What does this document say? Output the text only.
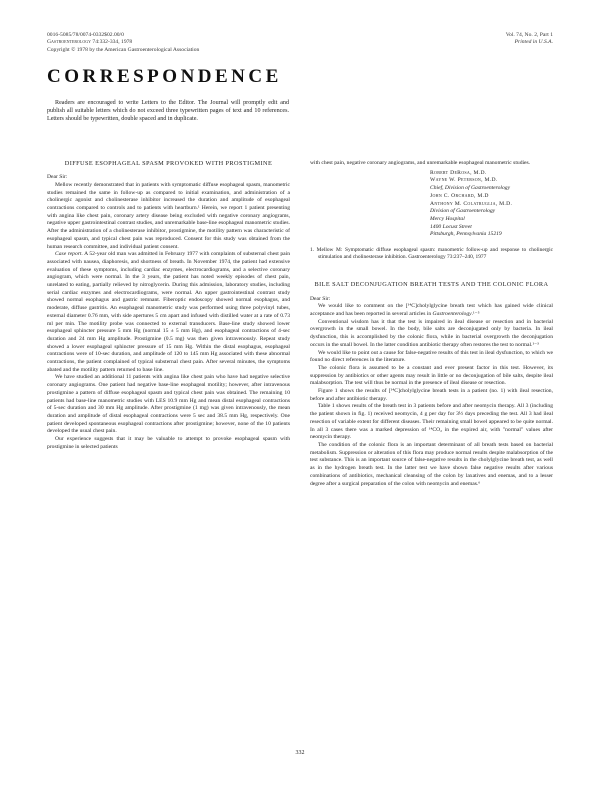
0016-5085/78/0074-0332$02.00/0
Gastroenterology 74:332-334, 1978
Copyright © 1978 by the American Gastroenterological Association
Vol. 74, No. 2, Part 1
Printed in U.S.A.
CORRESPONDENCE

Readers are encouraged to write Letters to the Editor. The Journal will promptly edit and publish all suitable letters which do not exceed three typewritten pages of text and 10 references. Letters should be typewritten, double spaced and in duplicate.

DIFFUSE ESOPHAGEAL SPASM PROVOKED WITH PROSTIGMINE

Dear Sir:

Mellow recently demonstrated that in patients with symptomatic diffuse esophageal spasm, manometric studies remained the same in follow-up as compared to initial examination, and administration of a cholinergic agonist and cholinesterase inhibitor increased the duration and amplitude of esophageal contractions compared to controls and to patients with heartburn.¹ Herein, we report 1 patient presenting with angina like chest pain, coronary artery disease being excluded with negative coronary angiograms, negative upper gastrointestinal contrast studies, and unremarkable base-line esophageal manometric studies. After the administration of a cholinesterase inhibitor, prostigmine, the motility pattern was characteristic of esophageal spasm, and typical chest pain was reproduced. Consent for this study was obtained from the human research committee, and individual patient consent.

Case report. A 52-year old man was admitted in February 1977 with complaints of substernal chest pain associated with nausea, diaphoresis, and shortness of breath. In November 1974, the patient had extensive evaluation of these symptoms, including cardiac enzymes, electrocardiograms, and a selective coronary angiogram, which were normal. In the 3 years, the patient has noted weekly episodes of chest pain, unrelated to eating, partially relieved by nitroglycerin. During this admission, laboratory studies, including serial cardiac enzymes and electrocardiograms, were normal. An upper gastrointestinal contrast study showed normal esophagus and gastric remnant. Fiberoptic endoscopy showed normal esophagus, and moderate, diffuse gastritis. An esophageal manometric study was performed using three polyvinyl tubes, external diameter 0.76 mm, with side apertures 5 cm apart and infused with distilled water at a rate of 0.73 ml per min. The motility probe was connected to external transducers. Base-line study showed lower esophageal sphincter pressure 5 mm Hg (normal 15 ± 5 mm Hg), and esophageal contractions of 4-sec duration and 24 mm Hg amplitude. Prostigmine (0.5 mg) was then given intravenously. Repeat study showed a lower esophageal sphincter pressure of 15 mm Hg. Within the distal esophagus, esophageal contractions were of 10-sec duration, and amplitude of 120 to 145 mm Hg associated with these abnormal contractions, the patient complained of typical substernal chest pain. After several minutes, the symptoms abated and the motility pattern returned to base line.

We have studied an additional 11 patients with angina like chest pain who have had negative selective coronary angiograms. One patient had negative base-line esophageal motility; however, after intravenous prostigmine a pattern of diffuse esophageal spasm and typical chest pain was obtained. The remaining 10 patients had base-line manometric studies with LES 10.9 mm Hg and mean distal esophageal contractions of 5-sec duration and 30 mm Hg amplitude. After prostigmine (1 mg) was given intravenously, the mean duration and amplitude of distal esophageal contractions were 5 sec and 38.5 mm Hg, respectively. One patient developed spontaneous esophageal contractions after prostigmine; however, none of the 10 patients developed the usual chest pain.

Our experience suggests that it may be valuable to attempt to provoke esophageal spasm with prostigmine in selected patients

with chest pain, negative coronary angiograms, and unremarkable esophageal manometric studies.

Robert DeRosa, M.D.
Wayne W. Peterson, M.D.
Chief, Division of Gastroenterology
John C. Orchard, M.D
Anthony M. Colatruglia, M.D.
Division of Gastroenterology
Mercy Hospital
1400 Locust Street
Pittsburgh, Pennsylvania 15219
1. Mellow M: Symptomatic diffuse esophageal spasm: manometric follow-up and response to cholinergic stimulation and cholinesterase inhibition. Gastroenterology 73:237–240, 1977
BILE SALT DECONJUGATION BREATH TESTS AND THE COLONIC FLORA

Dear Sir:

We would like to comment on the [¹⁴C]cholylglycine breath test which has gained wide clinical acceptance and has been reported in several articles in Gastroenterology.¹⁻⁵

Conventional wisdom has it that the test is impaired in ileal disease or resection and in bacterial overgrowth in the small bowel. In the body, bile salts are deconjugated only by bacteria. In ileal dysfunction, this is accomplished by the colonic flora, while in bacterial overgrowth the deconjugation occurs in the small bowel. In the latter condition antibiotic therapy often restores the test to normal.¹⁻³

We would like to point out a cause for false-negative results of this test in ileal dysfunction, to which we found no direct references in the literature.

The colonic flora is assumed to be a constant and ever present factor in this test. However, its suppression by antibiotics or other agents may result in little or no deconjugation of bile salts, despite ileal malabsorption. The test will thus be normal in the presence of ileal disease or resection.

Figure 1 shows the results of [¹⁴C]cholylglycine breath tests in a patient (no. 1) with ileal resection, before and after antibiotic therapy.

Table 1 shows results of the breath test in 3 patients before and after neomycin therapy. All 3 (including the patient shown in fig. 1) received neomycin, 4 g per day for 3½ days preceding the test. All 3 had ileal resection of variable extent for different diseases. Their remaining small bowel appeared to be quite normal. In all 3 cases there was a marked depression of ¹⁴CO₂ in the expired air, with "normal" values after neomycin therapy.

The condition of the colonic flora is an important determinant of all breath tests based on bacterial metabolism. Suppression or alteration of this flora may produce normal results despite malabsorption of the test substance. This is an important source of false-negative results in the cholylglycine breath test, as well as in the hydrogen breath test. In the latter test we have shown false negative results after various combinations of antibiotics, mechanical cleansing of the colon by laxatives and enemas, and to a lesser degree after a surgical preparation of the colon with neomycin and enemas.⁶

332
